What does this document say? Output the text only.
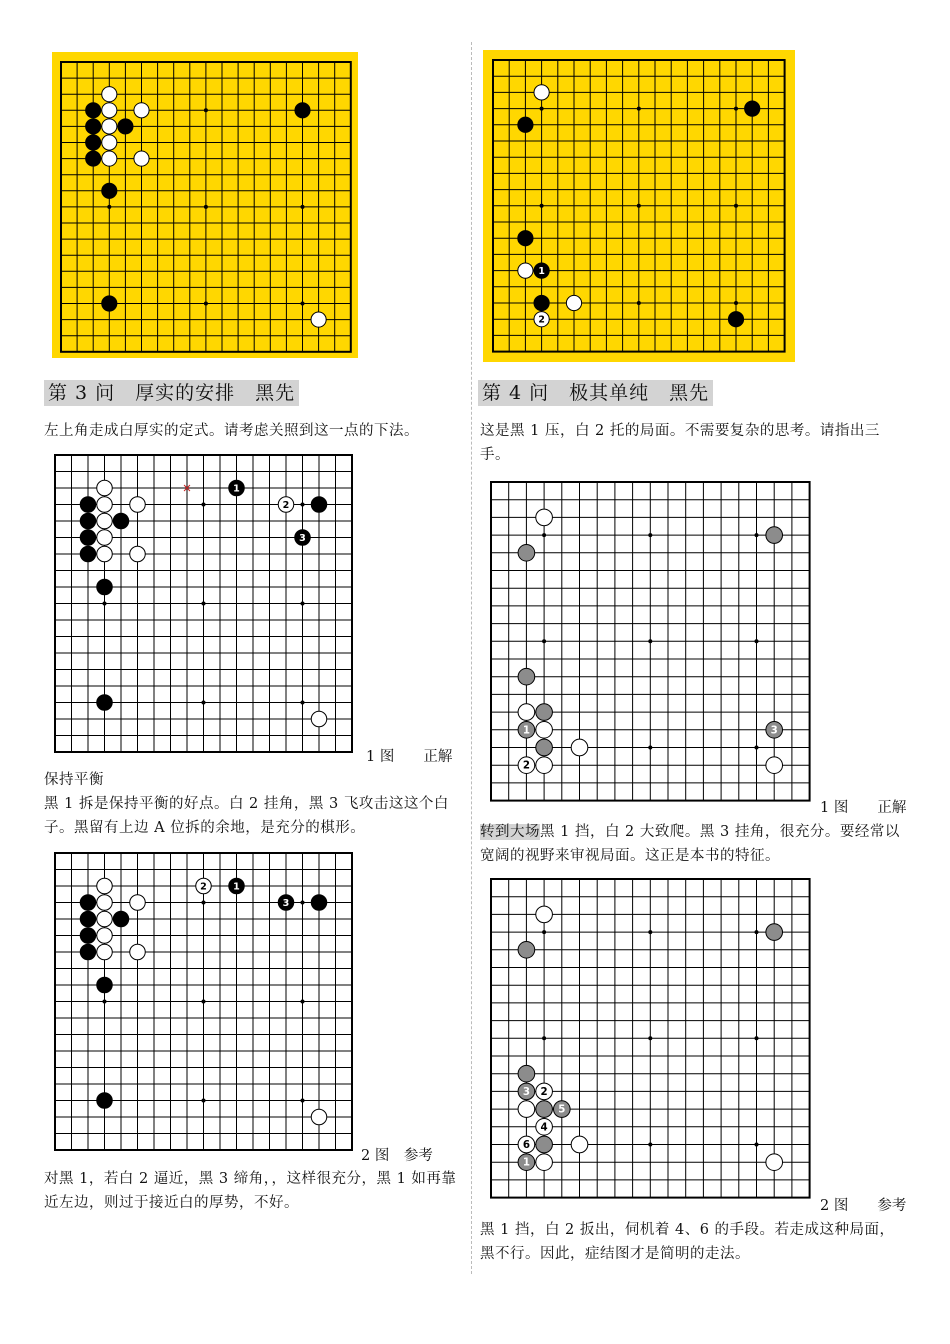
第 3 问　厚实的安排　黑先
左上角走成白厚实的定式。请考虑关照到这一点的下法。
1
2
3
1 图　　正解
保持平衡
黑 1 拆是保持平衡的好点。白 2 挂角，黑 3 飞攻击这这个白子。黑留有上边 A 位拆的余地，是充分的棋形。
1
2
3
2 图　参考
对黑 1，若白 2 逼近，黑 3 缔角，，这样很充分，黑 1 如再靠近左边，则过于接近白的厚势，不好。
1
2
第 4 问　极其单纯　黑先
这是黑 1 压，白 2 托的局面。不需要复杂的思考。请指出三手。
1
2
3
1 图　　正解
转到大场黑 1 挡，白 2 大致爬。黑 3 挂角，很充分。要经常以宽阔的视野来审视局面。这正是本书的特征。
3 2
5
4
6
1
2 图　　参考
黑 1 挡，白 2 扳出，伺机着 4、6 的手段。若走成这种局面，黑不行。因此，症结图才是简明的走法。
